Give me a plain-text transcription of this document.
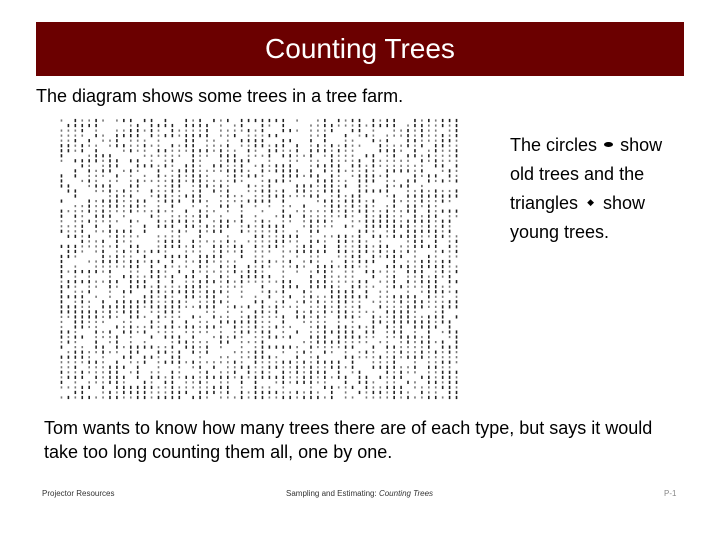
Counting Trees
The diagram shows some trees in a tree farm.
The circles show
old trees and the
triangles ◆ show
young trees.
Tom wants to know how many trees there are of each type, but says it would take too long counting them all, one by one.
Projector Resources	Sampling and Estimating: Counting Trees	P-1
